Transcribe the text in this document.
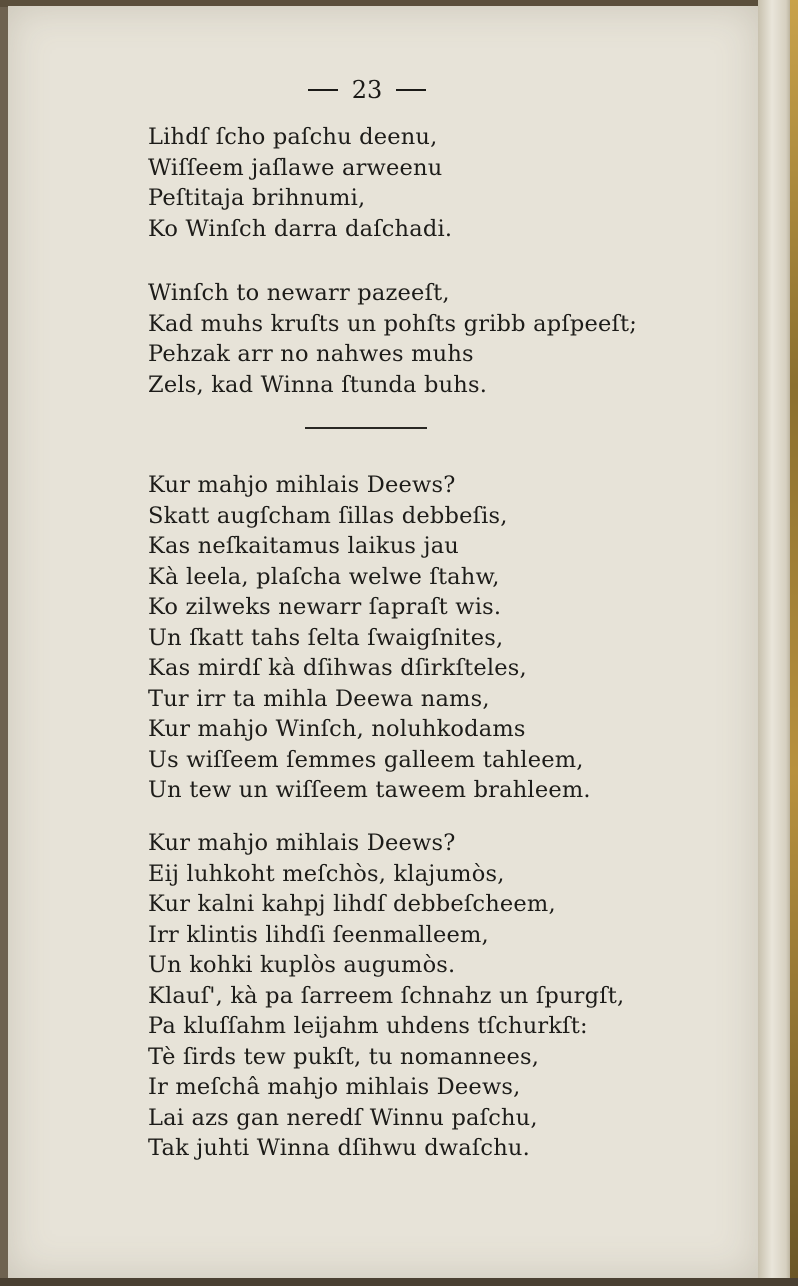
23
Lihdſ ſcho paſchu deenu,
Wiſſeem jaſlawe arweenu
Peſtitaja brihnumi,
Ko Winſch darra daſchadi.
Winſch to newarr pazeeſt,
Kad muhs kruſts un pohſts gribb apſpeeſt;
Pehzak arr no nahwes muhs
Zels, kad Winna ſtunda buhs.
Kur mahjo mihlais Deews?
Skatt augſcham ſillas debbeſis,
Kas neſkaitamus laikus jau
Kà leela, plaſcha welwe ſtahw,
Ko zilweks newarr ſapraſt wis.
Un ſkatt tahs ſelta ſwaigſnites,
Kas mirdſ kà dſihwas dſirkſteles,
Tur irr ta mihla Deewa nams,
Kur mahjo Winſch, noluhkodams
Us wiſſeem ſemmes galleem tahleem,
Un tew un wiſſeem taweem brahleem.
Kur mahjo mihlais Deews?
Eij luhkoht meſchòs, klajumòs,
Kur kalni kahpj lihdſ debbeſcheem,
Irr klintis lihdſi ſeenmalleem,
Un kohki kuplòs augumòs.
Klauſ', kà pa ſarreem ſchnahz un ſpurgſt,
Pa kluſſahm leijahm uhdens tſchurkſt:
Tè ſirds tew pukſt, tu nomannees,
Ir meſchâ mahjo mihlais Deews,
Lai azs gan neredſ Winnu paſchu,
Tak juhti Winna dſihwu dwaſchu.
